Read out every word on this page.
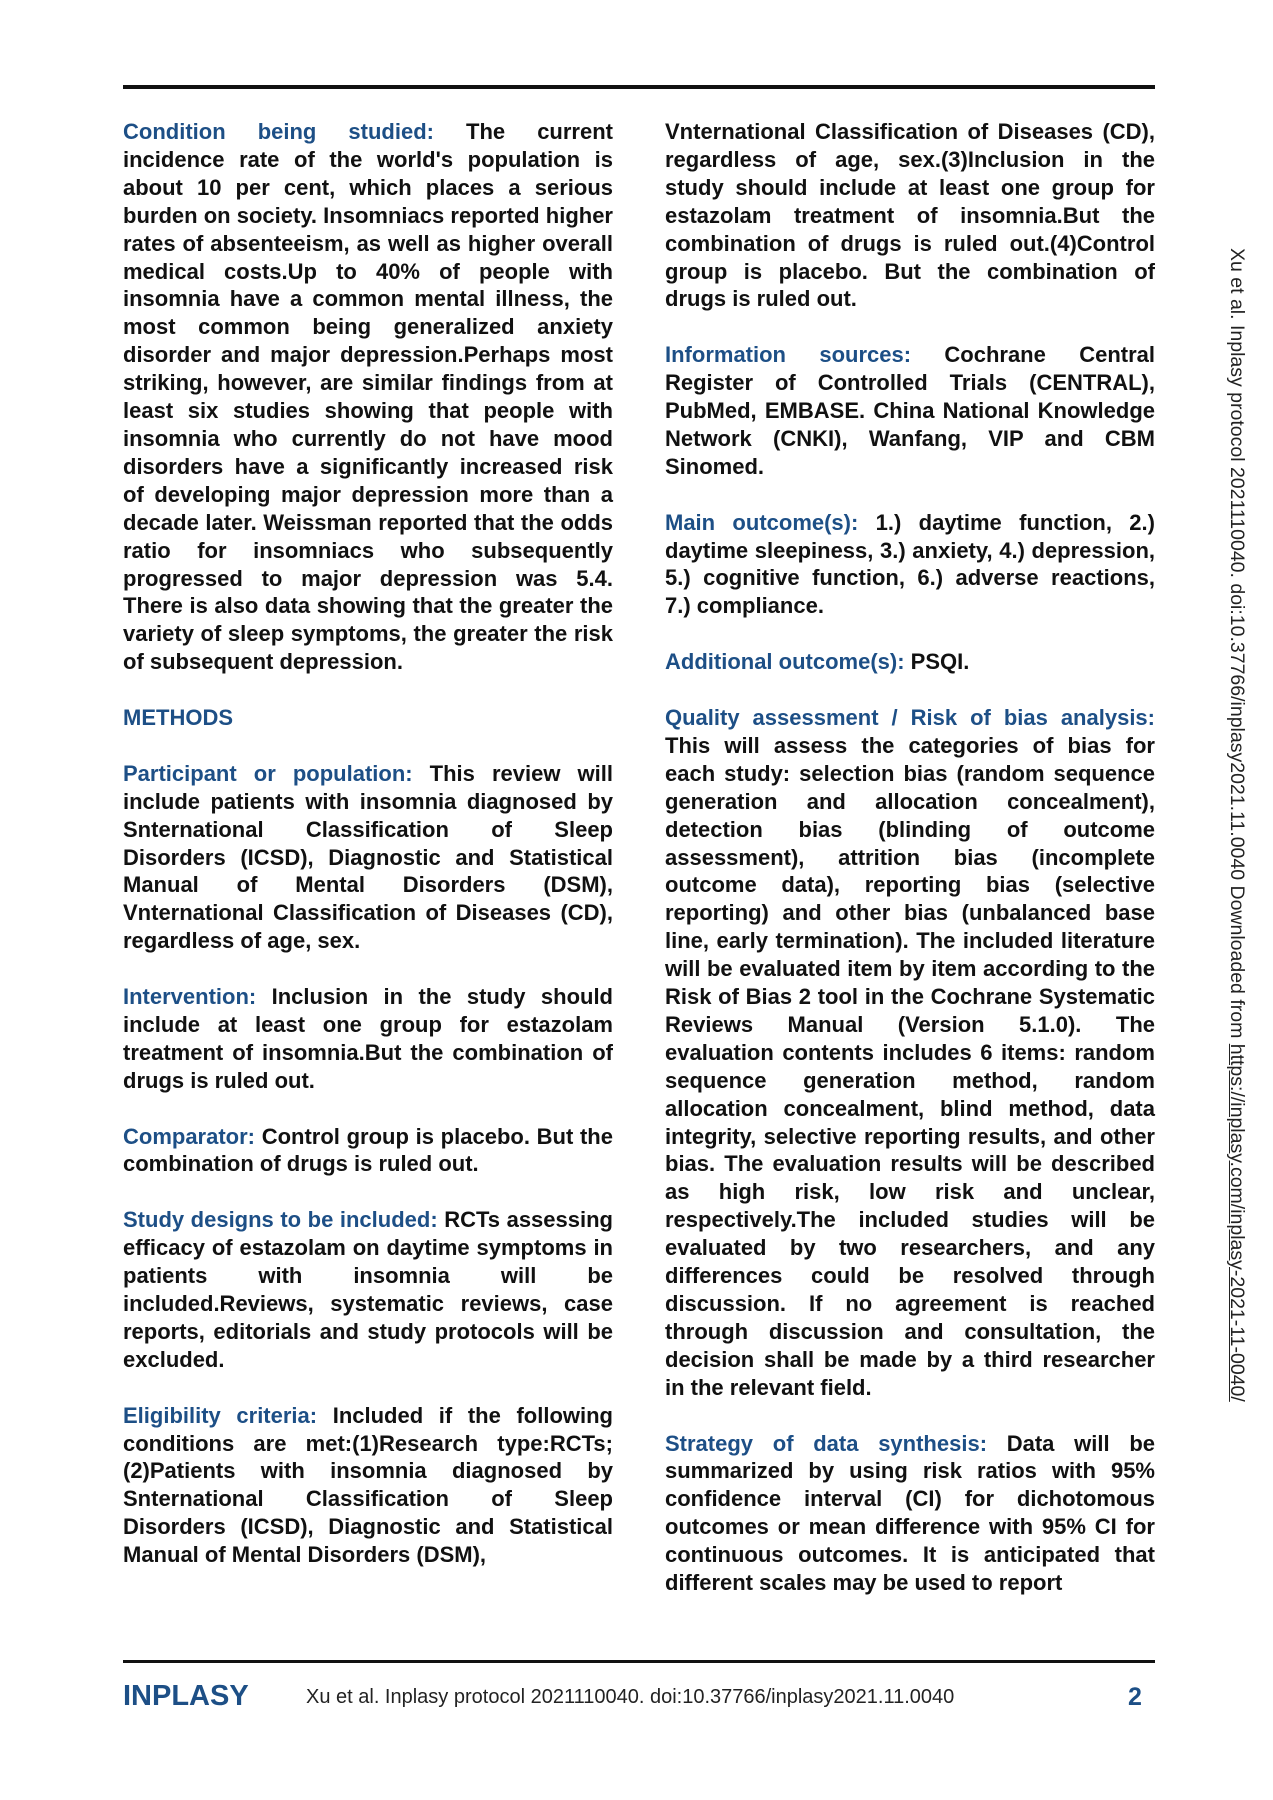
Condition being studied: The current incidence rate of the world's population is about 10 per cent, which places a serious burden on society. Insomniacs reported higher rates of absenteeism, as well as higher overall medical costs.Up to 40% of people with insomnia have a common mental illness, the most common being generalized anxiety disorder and major depression.Perhaps most striking, however, are similar findings from at least six studies showing that people with insomnia who currently do not have mood disorders have a significantly increased risk of developing major depression more than a decade later. Weissman reported that the odds ratio for insomniacs who subsequently progressed to major depression was 5.4. There is also data showing that the greater the variety of sleep symptoms, the greater the risk of subsequent depression.

METHODS

Participant or population: This review will include patients with insomnia diagnosed by Snternational Classification of Sleep Disorders (ICSD), Diagnostic and Statistical Manual of Mental Disorders (DSM), Vnternational Classification of Diseases (CD), regardless of age, sex.

Intervention: Inclusion in the study should include at least one group for estazolam treatment of insomnia.But the combination of drugs is ruled out.

Comparator: Control group is placebo. But the combination of drugs is ruled out.

Study designs to be included: RCTs assessing efficacy of estazolam on daytime symptoms in patients with insomnia will be included.Reviews, systematic reviews, case reports, editorials and study protocols will be excluded.

Eligibility criteria: Included if the following conditions are met:(1)Research type:RCTs;(2)Patients with insomnia diagnosed by Snternational Classification of Sleep Disorders (ICSD), Diagnostic and Statistical Manual of Mental Disorders (DSM),

Vnternational Classification of Diseases (CD), regardless of age, sex.(3)Inclusion in the study should include at least one group for estazolam treatment of insomnia.But the combination of drugs is ruled out.(4)Control group is placebo. But the combination of drugs is ruled out.

Information sources: Cochrane Central Register of Controlled Trials (CENTRAL), PubMed, EMBASE. China National Knowledge Network (CNKI), Wanfang, VIP and CBM Sinomed.

Main outcome(s): 1.) daytime function, 2.) daytime sleepiness, 3.) anxiety, 4.) depression, 5.) cognitive function, 6.) adverse reactions, 7.) compliance.

Additional outcome(s): PSQI.

Quality assessment / Risk of bias analysis: This will assess the categories of bias for each study: selection bias (random sequence generation and allocation concealment), detection bias (blinding of outcome assessment), attrition bias (incomplete outcome data), reporting bias (selective reporting) and other bias (unbalanced base line, early termination). The included literature will be evaluated item by item according to the Risk of Bias 2 tool in the Cochrane Systematic Reviews Manual (Version 5.1.0). The evaluation contents includes 6 items: random sequence generation method, random allocation concealment, blind method, data integrity, selective reporting results, and other bias. The evaluation results will be described as high risk, low risk and unclear, respectively.The included studies will be evaluated by two researchers, and any differences could be resolved through discussion. If no agreement is reached through discussion and consultation, the decision shall be made by a third researcher in the relevant field.

Strategy of data synthesis: Data will be summarized by using risk ratios with 95% confidence interval (CI) for dichotomous outcomes or mean difference with 95% CI for continuous outcomes. It is anticipated that different scales may be used to report

Xu et al. Inplasy protocol 2021110040. doi:10.37766/inplasy2021.11.0040 Downloaded from https://inplasy.com/inplasy-2021-11-0040/
INPLASY	Xu et al. Inplasy protocol 2021110040. doi:10.37766/inplasy2021.11.0040	2
